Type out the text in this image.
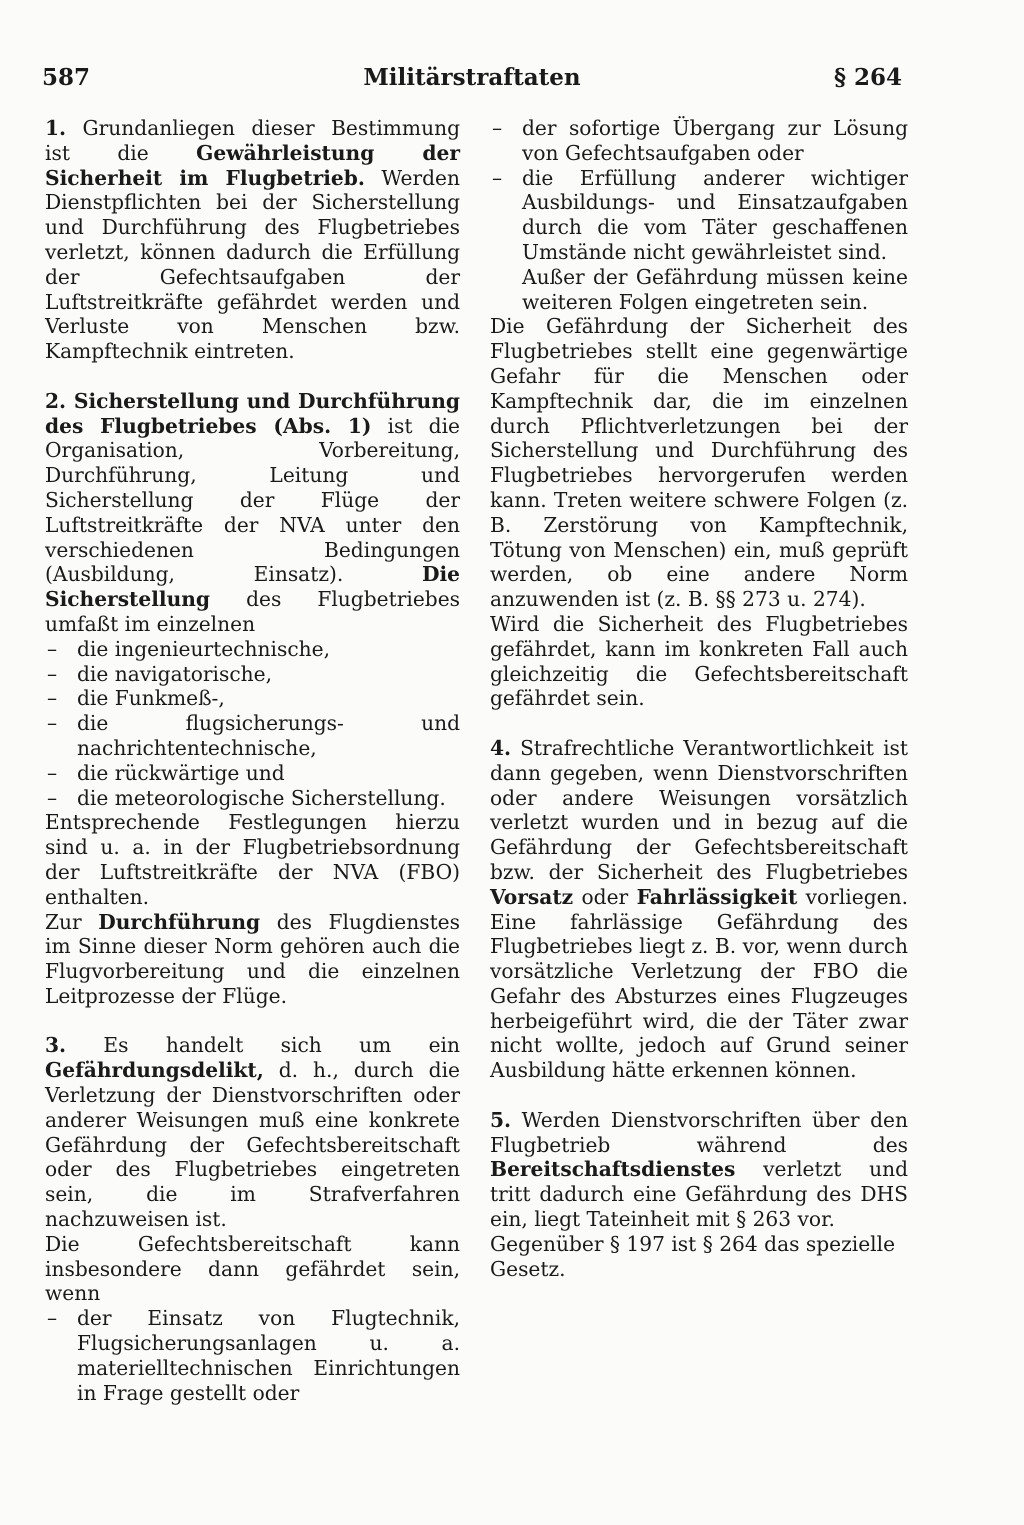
587	Militärstraftaten	§ 264

1. Grundanliegen dieser Bestimmung ist die Gewährleistung der Sicherheit im Flugbetrieb. Werden Dienstpflichten bei der Sicherstellung und Durchführung des Flugbetriebes verletzt, können dadurch die Erfüllung der Gefechtsaufgaben der Luftstreitkräfte gefährdet werden und Verluste von Menschen bzw. Kampftechnik eintreten.

2. Sicherstellung und Durchführung des Flugbetriebes (Abs. 1) ist die Organisation, Vorbereitung, Durchführung, Leitung und Sicherstellung der Flüge der Luftstreitkräfte der NVA unter den verschiedenen Bedingungen (Ausbildung, Einsatz). Die Sicherstellung des Flugbetriebes umfaßt im einzelnen

– die ingenieurtechnische,
– die navigatorische,
– die Funkmeß-,
– die flugsicherungs- und nachrichtentechnische,
– die rückwärtige und
– die meteorologische Sicherstellung.

Entsprechende Festlegungen hierzu sind u. a. in der Flugbetriebsordnung der Luftstreitkräfte der NVA (FBO) enthalten.

Zur Durchführung des Flugdienstes im Sinne dieser Norm gehören auch die Flugvorbereitung und die einzelnen Leitprozesse der Flüge.

3. Es handelt sich um ein Gefährdungsdelikt, d. h., durch die Verletzung der Dienstvorschriften oder anderer Weisungen muß eine konkrete Gefährdung der Gefechtsbereitschaft oder des Flugbetriebes eingetreten sein, die im Strafverfahren nachzuweisen ist.

Die Gefechtsbereitschaft kann insbesondere dann gefährdet sein, wenn

– der Einsatz von Flugtechnik, Flugsicherungsanlagen u. a. materielltechnischen Einrichtungen in Frage gestellt oder
– der sofortige Übergang zur Lösung von Gefechtsaufgaben oder
– die Erfüllung anderer wichtiger Ausbildungs- und Einsatzaufgaben durch die vom Täter geschaffenen Umstände nicht gewährleistet sind.

Außer der Gefährdung müssen keine weiteren Folgen eingetreten sein.

Die Gefährdung der Sicherheit des Flugbetriebes stellt eine gegenwärtige Gefahr für die Menschen oder Kampftechnik dar, die im einzelnen durch Pflichtverletzungen bei der Sicherstellung und Durchführung des Flugbetriebes hervorgerufen werden kann. Treten weitere schwere Folgen (z. B. Zerstörung von Kampftechnik, Tötung von Menschen) ein, muß geprüft werden, ob eine andere Norm anzuwenden ist (z. B. §§ 273 u. 274).

Wird die Sicherheit des Flugbetriebes gefährdet, kann im konkreten Fall auch gleichzeitig die Gefechtsbereitschaft gefährdet sein.

4. Strafrechtliche Verantwortlichkeit ist dann gegeben, wenn Dienstvorschriften oder andere Weisungen vorsätzlich verletzt wurden und in bezug auf die Gefährdung der Gefechtsbereitschaft bzw. der Sicherheit des Flugbetriebes Vorsatz oder Fahrlässigkeit vorliegen. Eine fahrlässige Gefährdung des Flugbetriebes liegt z. B. vor, wenn durch vorsätzliche Verletzung der FBO die Gefahr des Absturzes eines Flugzeuges herbeigeführt wird, die der Täter zwar nicht wollte, jedoch auf Grund seiner Ausbildung hätte erkennen können.

5. Werden Dienstvorschriften über den Flugbetrieb während des Bereitschaftsdienstes verletzt und tritt dadurch eine Gefährdung des DHS ein, liegt Tateinheit mit § 263 vor.

Gegenüber § 197 ist § 264 das spezielle Gesetz.
